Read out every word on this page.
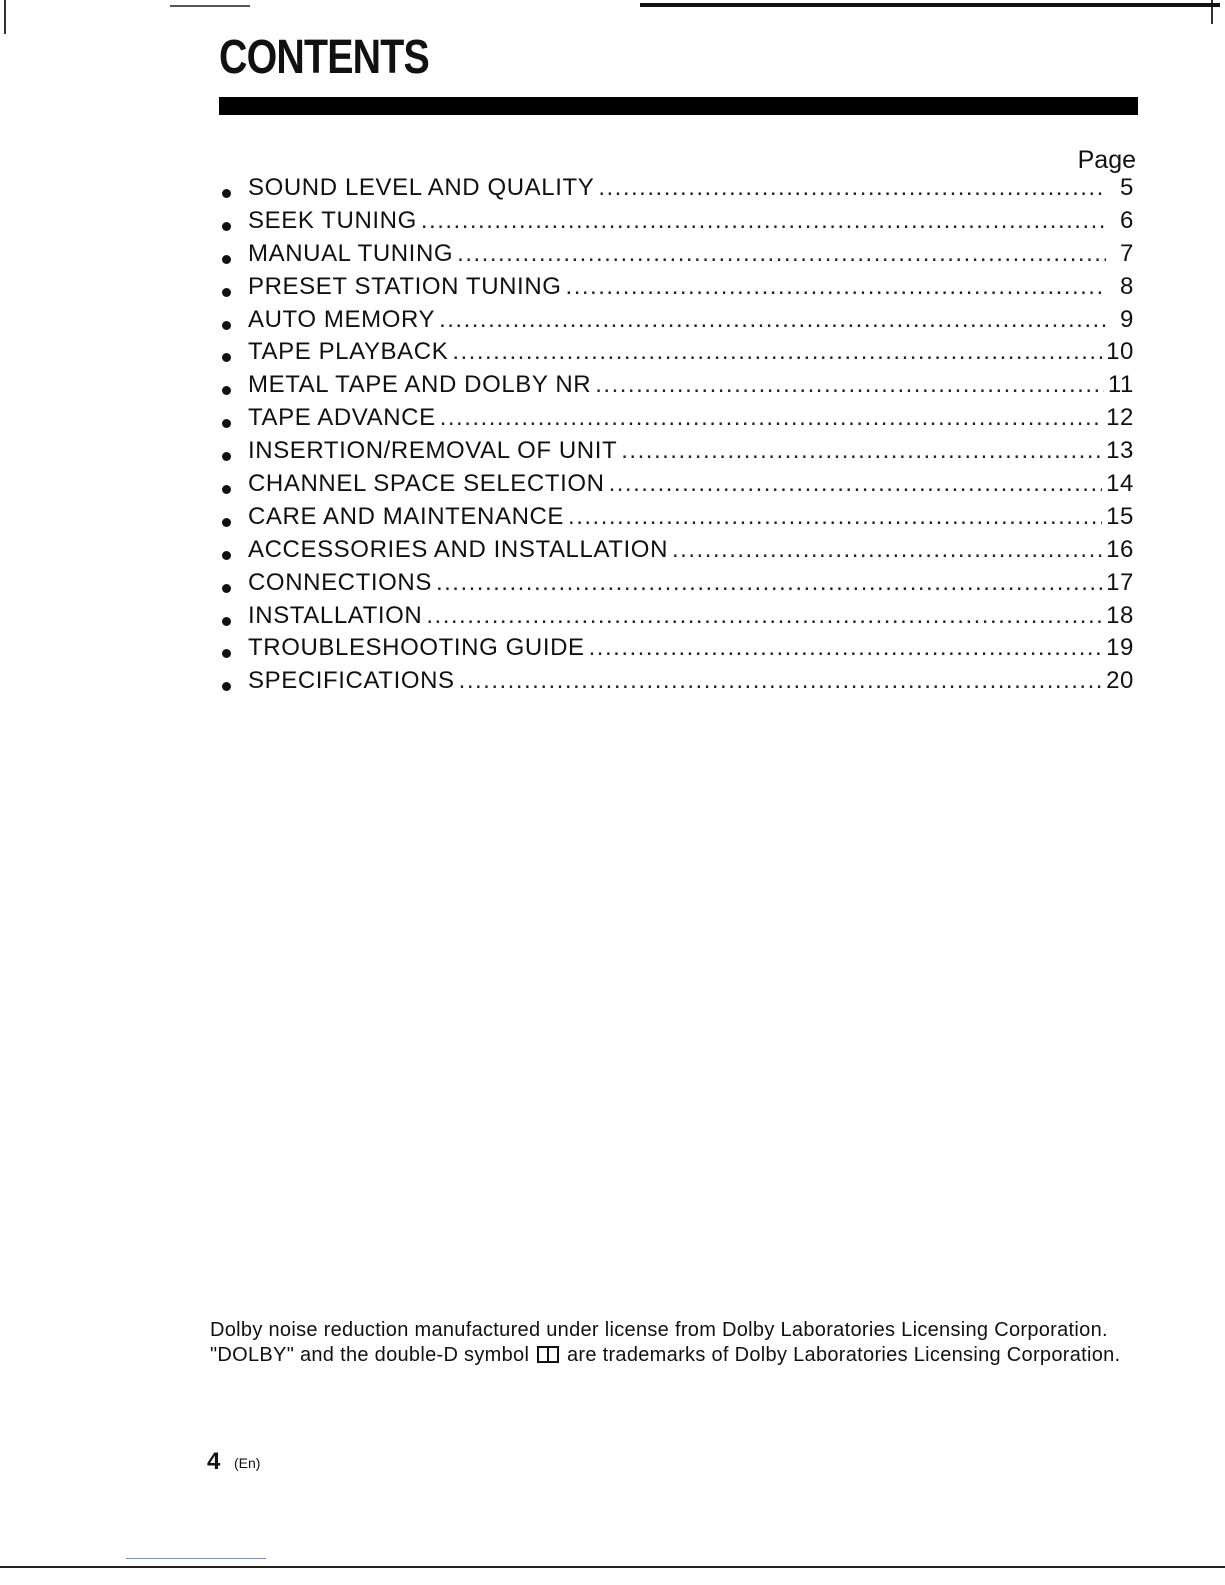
CONTENTS
Page
SOUND LEVEL AND QUALITY .....	5
SEEK TUNING .....	6
MANUAL TUNING .....	7
PRESET STATION TUNING .....	8
AUTO MEMORY .....	9
TAPE PLAYBACK .....	10
METAL TAPE AND DOLBY NR .....	11
TAPE ADVANCE .....	12
INSERTION/REMOVAL OF UNIT .....	13
CHANNEL SPACE SELECTION .....	14
CARE AND MAINTENANCE .....	15
ACCESSORIES AND INSTALLATION .....	16
CONNECTIONS .....	17
INSTALLATION .....	18
TROUBLESHOOTING GUIDE .....	19
SPECIFICATIONS .....	20
Dolby noise reduction manufactured under license from Dolby Laboratories Licensing Corporation.
"DOLBY" and the double-D symbol are trademarks of Dolby Laboratories Licensing Corporation.
4 (En)
